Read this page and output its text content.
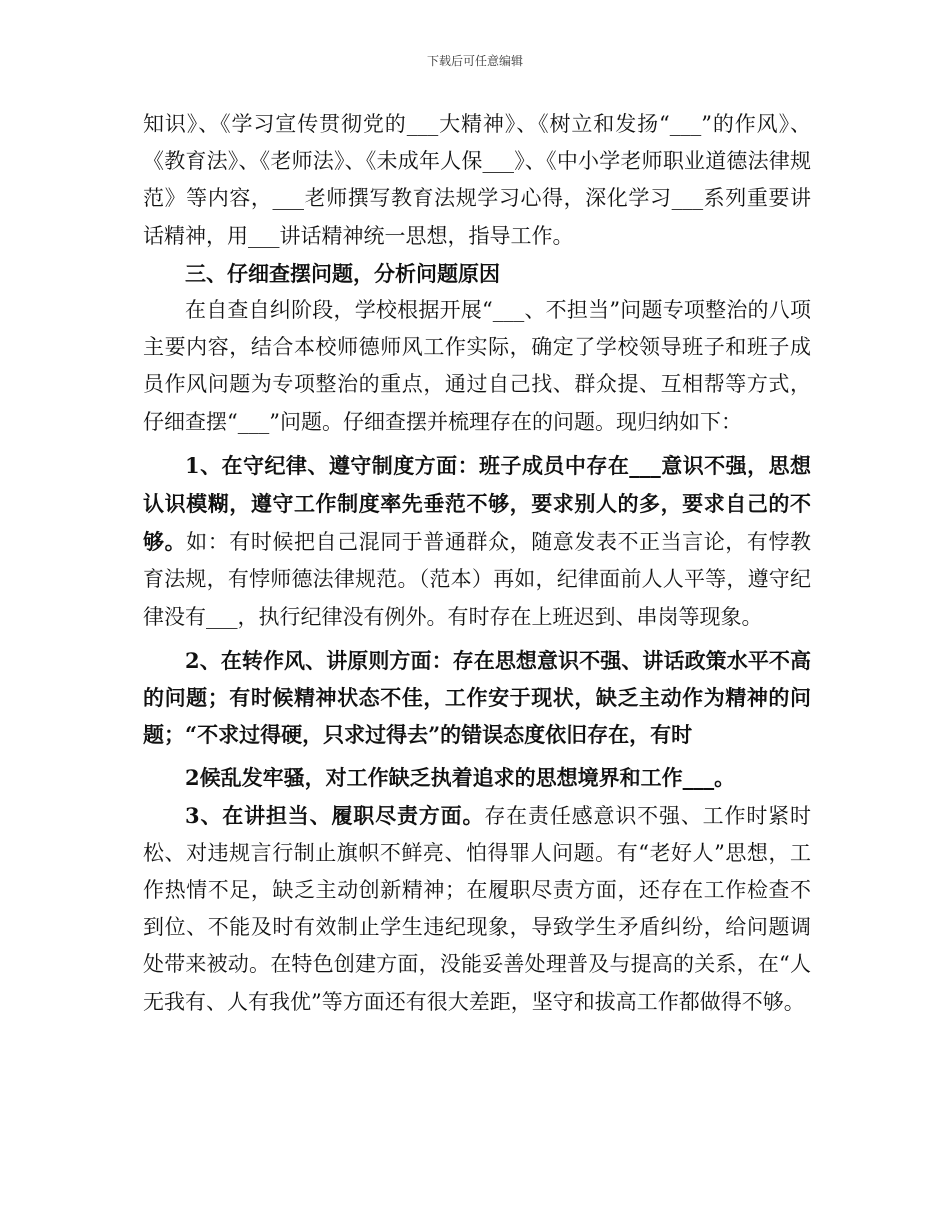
下载后可任意编辑

知识》、《学习宣传贯彻党的___大精神》、《树立和发扬“___”的作风》、《教育法》、《老师法》、《未成年人保___》、《中小学老师职业道德法律规范》等内容，___老师撰写教育法规学习心得，深化学习___系列重要讲话精神，用___讲话精神统一思想，指导工作。

三、仔细查摆问题，分析问题原因

在自查自纠阶段，学校根据开展“___、不担当”问题专项整治的八项主要内容，结合本校师德师风工作实际，确定了学校领导班子和班子成员作风问题为专项整治的重点，通过自己找、群众提、互相帮等方式，仔细查摆“___”问题。仔细查摆并梳理存在的问题。现归纳如下：

1、在守纪律、遵守制度方面：班子成员中存在___意识不强，思想认识模糊，遵守工作制度率先垂范不够，要求别人的多，要求自己的不够。如：有时候把自己混同于普通群众，随意发表不正当言论，有悖教育法规，有悖师德法律规范。（范本）再如，纪律面前人人平等，遵守纪律没有___，执行纪律没有例外。有时存在上班迟到、串岗等现象。

2、在转作风、讲原则方面：存在思想意识不强、讲话政策水平不高的问题；有时候精神状态不佳，工作安于现状，缺乏主动作为精神的问题；“不求过得硬，只求过得去”的错误态度依旧存在，有时

2候乱发牢骚，对工作缺乏执着追求的思想境界和工作___。

3、在讲担当、履职尽责方面。存在责任感意识不强、工作时紧时松、对违规言行制止旗帜不鲜亮、怕得罪人问题。有“老好人”思想，工作热情不足，缺乏主动创新精神；在履职尽责方面，还存在工作检查不到位、不能及时有效制止学生违纪现象，导致学生矛盾纠纷，给问题调处带来被动。在特色创建方面，没能妥善处理普及与提高的关系，在“人无我有、人有我优”等方面还有很大差距，坚守和拔高工作都做得不够。
